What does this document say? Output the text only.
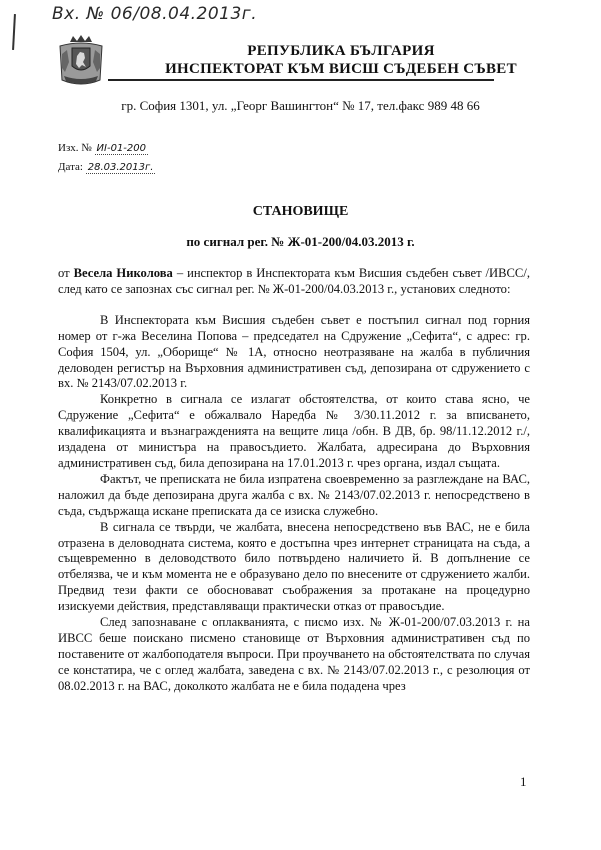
Вх. № 06/08.04.2013г.
РЕПУБЛИКА БЪЛГАРИЯ
ИНСПЕКТОРАТ КЪМ ВИСШ СЪДЕБЕН СЪВЕТ
гр. София 1301, ул. „Георг Вашингтон“ № 17, тел.факс 989 48 66
Изх. № ИI-01-200
Дата: 28.03.2013г.
СТАНОВИЩЕ
по сигнал рег. № Ж-01-200/04.03.2013 г.

от Весела Николова – инспектор в Инспектората към Висшия съдебен съвет /ИВСС/, след като се запознах със сигнал рег. № Ж-01-200/04.03.2013 г., установих следното:

В Инспектората към Висшия съдебен съвет е постъпил сигнал под горния номер от г-жа Веселина Попова – председател на Сдружение „Сефита“, с адрес: гр. София 1504, ул. „Оборище“ № 1А, относно неотразяване на жалба в публичния деловоден регистър на Върховния административен съд, депозирана от сдружението с вх. № 2143/07.02.2013 г.

Конкретно в сигнала се излагат обстоятелства, от които става ясно, че Сдружение „Сефита“ е обжалвало Наредба № 3/30.11.2012 г. за вписването, квалификацията и възнагражденията на вещите лица /обн. В ДВ, бр. 98/11.12.2012 г./, издадена от министъра на правосъдието. Жалбата, адресирана до Върховния административен съд, била депозирана на 17.01.2013 г. чрез органа, издал същата.

Фактът, че преписката не била изпратена своевременно за разглеждане на ВАС, наложил да бъде депозирана друга жалба с вх. № 2143/07.02.2013 г. непосредствено в съда, съдържаща искане преписката да се изиска служебно.

В сигнала се твърди, че жалбата, внесена непосредствено във ВАС, не е била отразена в деловодната система, която е достъпна чрез интернет страницата на съда, а същевременно в деловодството било потвърдено наличието й. В допълнение се отбелязва, че и към момента не е образувано дело по внесените от сдружението жалби. Предвид тези факти се обосновават съображения за протакане на процедурно изискуеми действия, представляващи практически отказ от правосъдие.

След запознаване с оплакванията, с писмо изх. № Ж-01-200/07.03.2013 г. на ИВСС беше поискано писмено становище от Върховния административен съд по поставените от жалбоподателя въпроси. При проучването на обстоятелствата по случая се констатира, че с оглед жалбата, заведена с вх. № 2143/07.02.2013 г., с резолюция от 08.02.2013 г. на ВАС, доколкото жалбата не е била подадена чрез

1
